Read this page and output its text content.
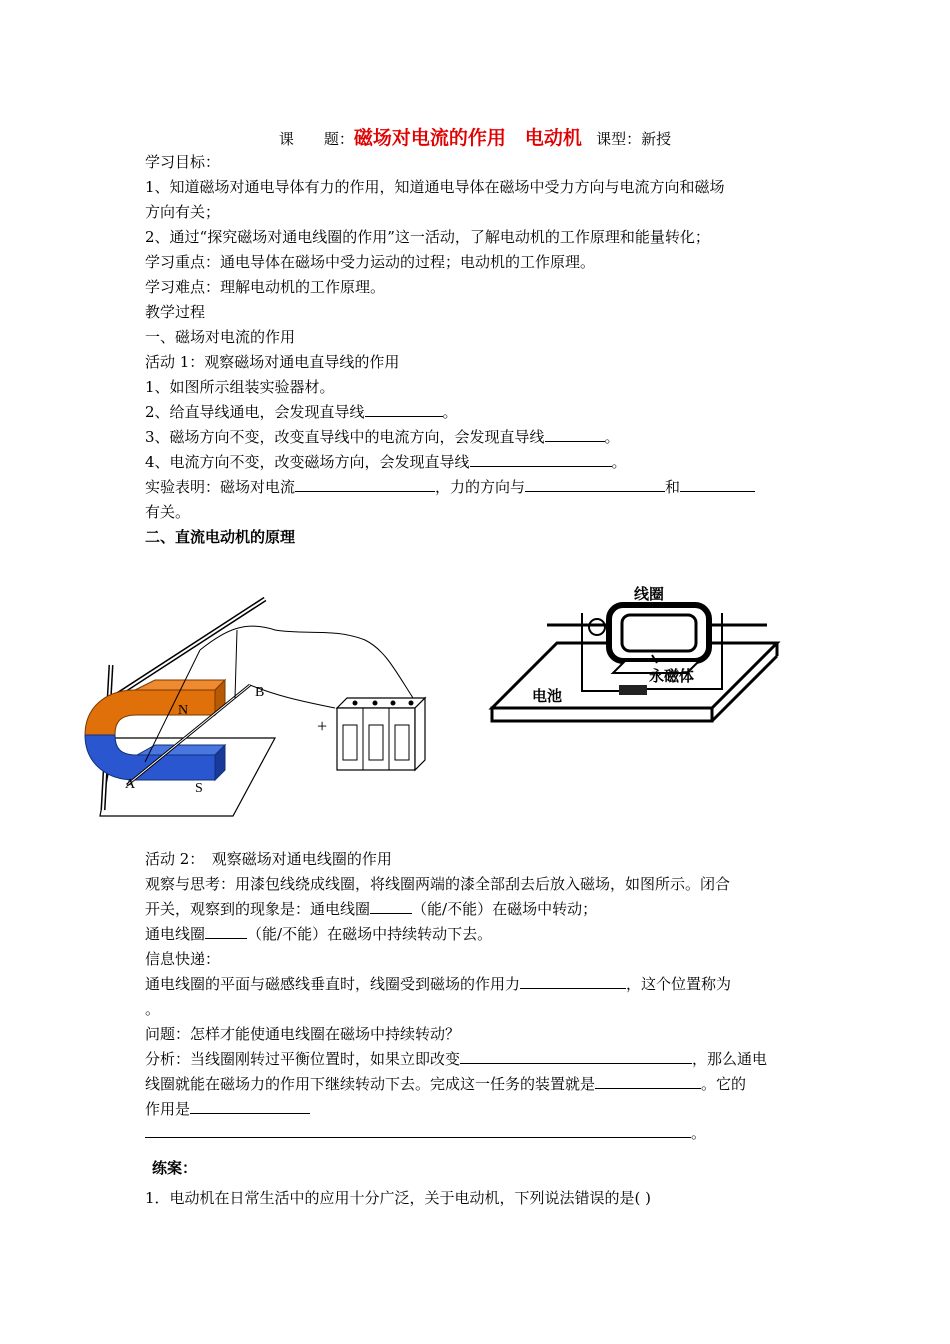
课　　题：磁场对电流的作用　电动机 课型：新授
学习目标：
1、知道磁场对通电导体有力的作用，知道通电导体在磁场中受力方向与电流方向和磁场
方向有关；
2、通过“探究磁场对通电线圈的作用”这一活动，了解电动机的工作原理和能量转化；
学习重点：通电导体在磁场中受力运动的过程；电动机的工作原理。
学习难点：理解电动机的工作原理。
教学过程
一、磁场对电流的作用
活动 1：观察磁场对通电直导线的作用
1、如图所示组装实验器材。
2、给直导线通电，会发现直导线	。
3、磁场方向不变，改变直导线中的电流方向，会发现直导线	。
4、电流方向不变，改变磁场方向，会发现直导线	。
实验表明：磁场对电流	，力的方向与	和
有关。
二、直流电动机的原理
B
N
A	S
+
线圈
永磁体
电池
活动 2：　观察磁场对通电线圈的作用
观察与思考：用漆包线绕成线圈，将线圈两端的漆全部刮去后放入磁场，如图所示。闭合
开关，观察到的现象是：通电线圈	（能/不能）在磁场中转动；
通电线圈	（能/不能）在磁场中持续转动下去。
信息快递：
通电线圈的平面与磁感线垂直时，线圈受到磁场的作用力	，这个位置称为
。
问题：怎样才能使通电线圈在磁场中持续转动？
分析：当线圈刚转过平衡位置时，如果立即改变	，那么通电
线圈就能在磁场力的作用下继续转动下去。完成这一任务的装置就是	。它的
作用是
。
练案：
1．电动机在日常生活中的应用十分广泛，关于电动机，下列说法错误的是( )
